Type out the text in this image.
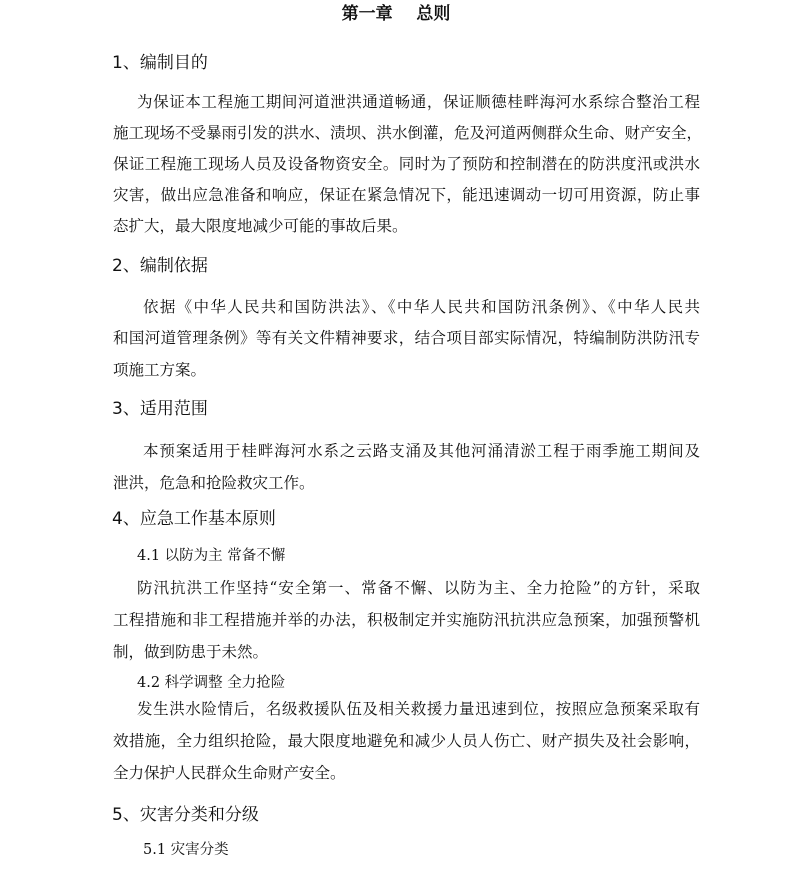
第一章    总则
1、编制目的
为保证本工程施工期间河道泄洪通道畅通，保证顺德桂畔海河水系综合整治工程
施工现场不受暴雨引发的洪水、渍坝、洪水倒灌，危及河道两侧群众生命、财产安全，
保证工程施工现场人员及设备物资安全。同时为了预防和控制潜在的防洪度汛或洪水
灾害，做出应急准备和响应，保证在紧急情况下，能迅速调动一切可用资源，防止事
态扩大，最大限度地减少可能的事故后果。
2、编制依据
依据《中华人民共和国防洪法》、《中华人民共和国防汛条例》、《中华人民共
和国河道管理条例》等有关文件精神要求，结合项目部实际情况，特编制防洪防汛专
项施工方案。
3、适用范围
本预案适用于桂畔海河水系之云路支涌及其他河涌清淤工程于雨季施工期间及
泄洪，危急和抢险救灾工作。
4、应急工作基本原则
4.1 以防为主 常备不懈
防汛抗洪工作坚持“安全第一、常备不懈、以防为主、全力抢险”的方针，采取
工程措施和非工程措施并举的办法，积极制定并实施防汛抗洪应急预案，加强预警机
制，做到防患于未然。
4.2 科学调整 全力抢险
发生洪水险情后，名级救援队伍及相关救援力量迅速到位，按照应急预案采取有
效措施，全力组织抢险，最大限度地避免和减少人员人伤亡、财产损失及社会影响，
全力保护人民群众生命财产安全。
5、灾害分类和分级
5.1 灾害分类
